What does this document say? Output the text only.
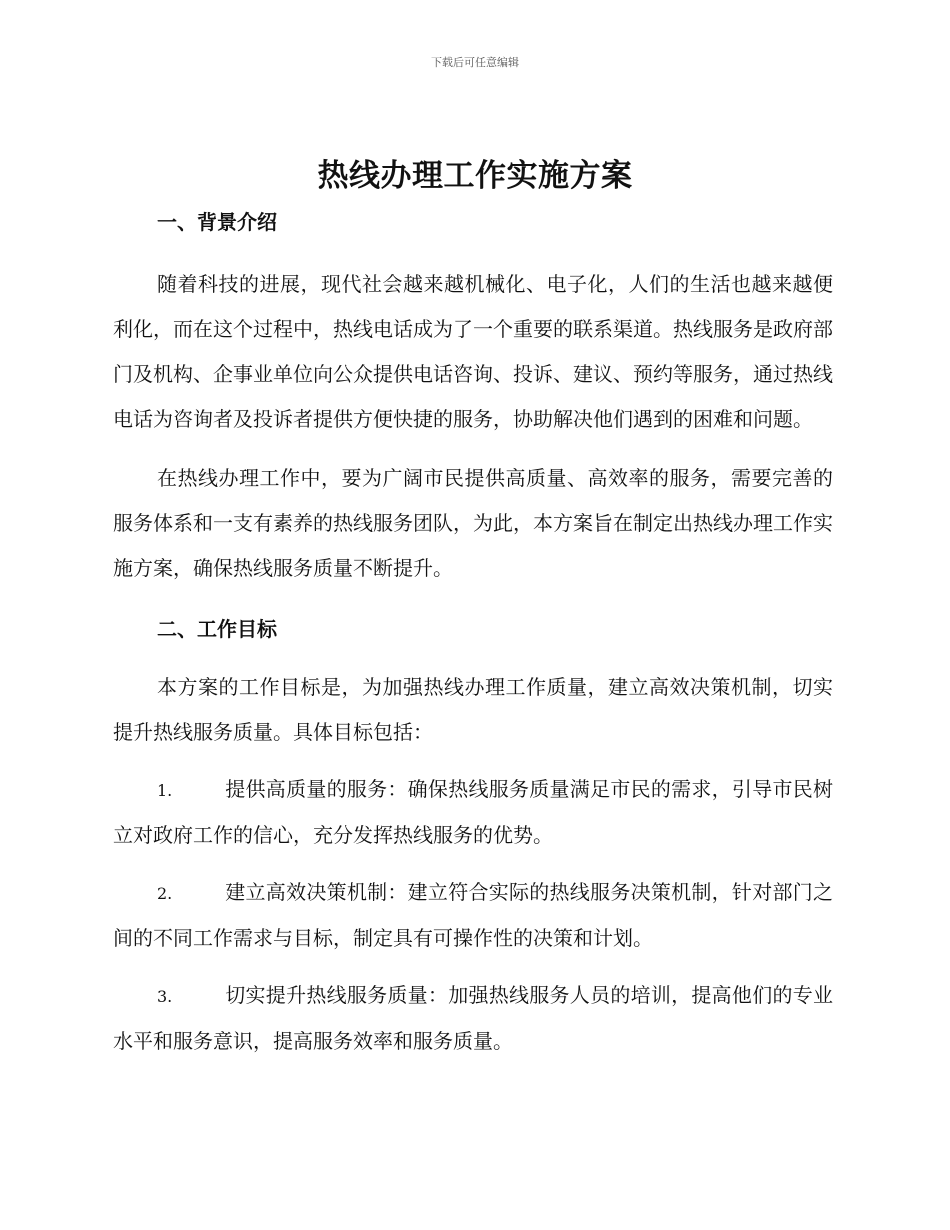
下载后可任意编辑
热线办理工作实施方案
一、背景介绍
随着科技的进展，现代社会越来越机械化、电子化，人们的生活也越来越便利化，而在这个过程中，热线电话成为了一个重要的联系渠道。热线服务是政府部门及机构、企事业单位向公众提供电话咨询、投诉、建议、预约等服务，通过热线电话为咨询者及投诉者提供方便快捷的服务，协助解决他们遇到的困难和问题。
在热线办理工作中，要为广阔市民提供高质量、高效率的服务，需要完善的服务体系和一支有素养的热线服务团队，为此，本方案旨在制定出热线办理工作实施方案，确保热线服务质量不断提升。
二、工作目标
本方案的工作目标是，为加强热线办理工作质量，建立高效决策机制，切实提升热线服务质量。具体目标包括：
1.	提供高质量的服务：确保热线服务质量满足市民的需求，引导市民树立对政府工作的信心，充分发挥热线服务的优势。
2.	建立高效决策机制：建立符合实际的热线服务决策机制，针对部门之间的不同工作需求与目标，制定具有可操作性的决策和计划。
3.	切实提升热线服务质量：加强热线服务人员的培训，提高他们的专业水平和服务意识，提高服务效率和服务质量。
